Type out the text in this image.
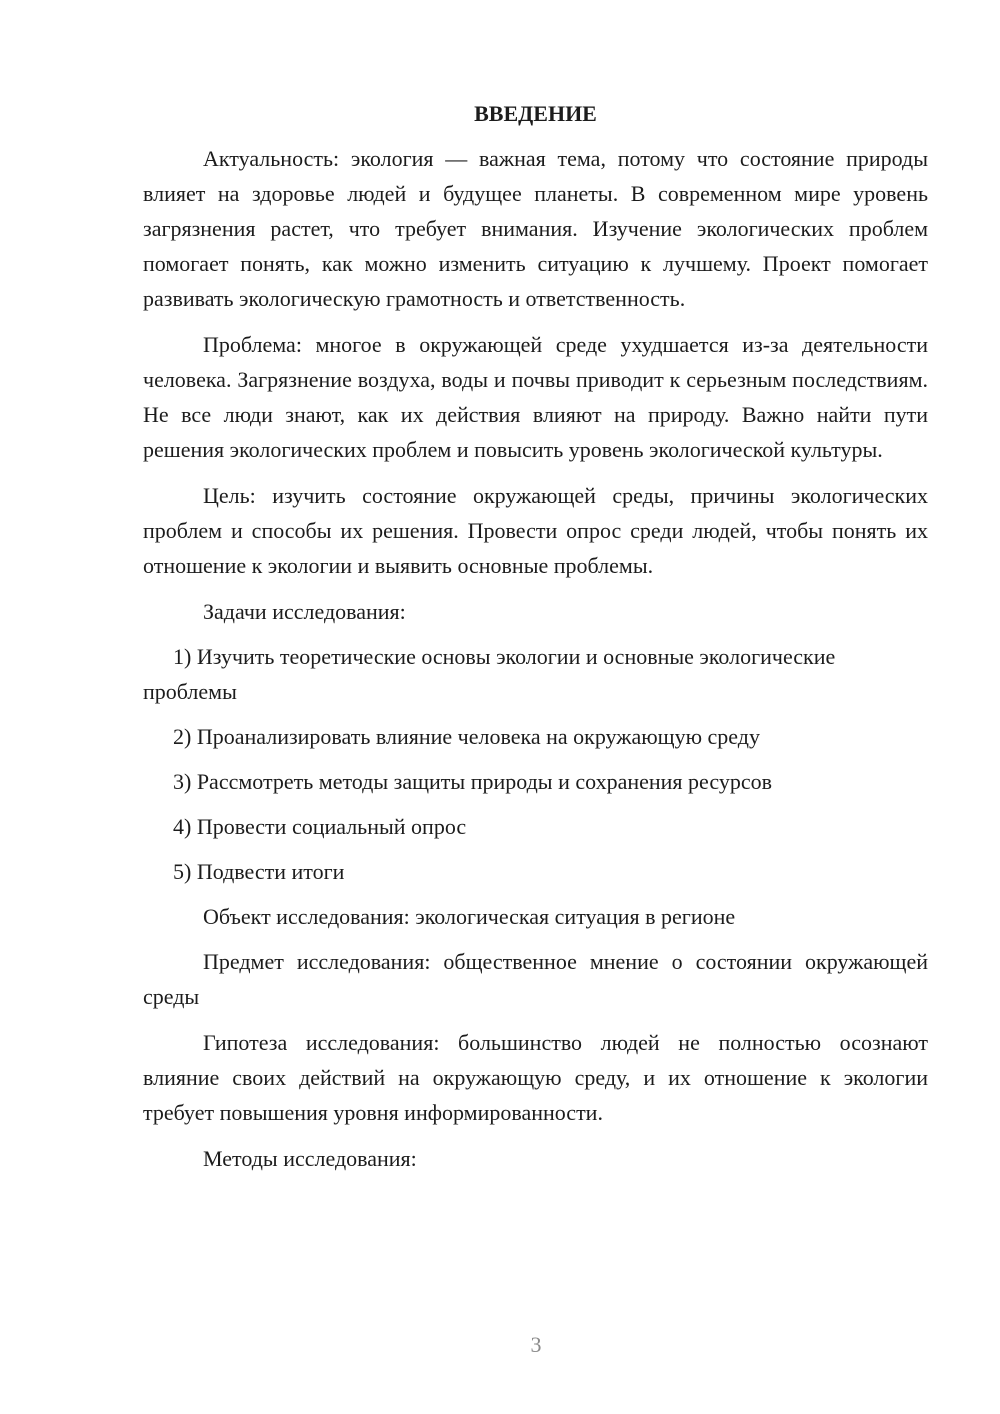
ВВЕДЕНИЕ

Актуальность: экология — важная тема, потому что состояние природы влияет на здоровье людей и будущее планеты. В современном мире уровень загрязнения растет, что требует внимания. Изучение экологических проблем помогает понять, как можно изменить ситуацию к лучшему. Проект помогает развивать экологическую грамотность и ответственность.

Проблема: многое в окружающей среде ухудшается из-за деятельности человека. Загрязнение воздуха, воды и почвы приводит к серьезным последствиям. Не все люди знают, как их действия влияют на природу. Важно найти пути решения экологических проблем и повысить уровень экологической культуры.

Цель: изучить состояние окружающей среды, причины экологических проблем и способы их решения. Провести опрос среди людей, чтобы понять их отношение к экологии и выявить основные проблемы.

Задачи исследования:

1) Изучить теоретические основы экологии и основные экологические проблемы

2) Проанализировать влияние человека на окружающую среду

3) Рассмотреть методы защиты природы и сохранения ресурсов

4) Провести социальный опрос

5) Подвести итоги

Объект исследования: экологическая ситуация в регионе

Предмет исследования: общественное мнение о состоянии окружающей среды

Гипотеза исследования: большинство людей не полностью осознают влияние своих действий на окружающую среду, и их отношение к экологии требует повышения уровня информированности.

Методы исследования:

3
